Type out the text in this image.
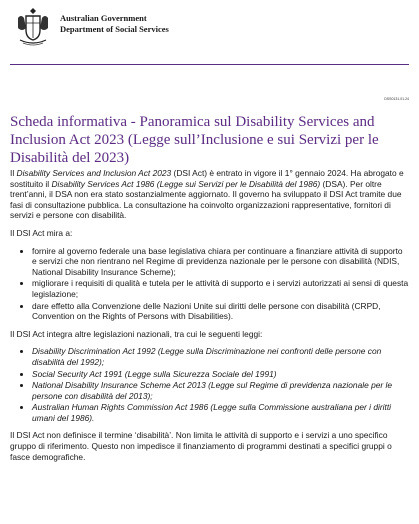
Australian Government
Department of Social Services
DSS0131.01.24
Scheda informativa - Panoramica sul Disability Services and Inclusion Act 2023 (Legge sull’Inclusione e sui Servizi per le Disabilità del 2023)

Il Disability Services and Inclusion Act 2023 (DSI Act) è entrato in vigore il 1° gennaio 2024. Ha abrogato e sostituito il Disability Services Act 1986 (Legge sui Servizi per le Disabilità del 1986) (DSA). Per oltre trent’anni, il DSA non era stato sostanzialmente aggiornato. Il governo ha sviluppato il DSI Act tramite due fasi di consultazione pubblica. La consultazione ha coinvolto organizzazioni rappresentative, fornitori di servizi e persone con disabilità.

Il DSI Act mira a:

• fornire al governo federale una base legislativa chiara per continuare a finanziare attività di supporto e servizi che non rientrano nel Regime di previdenza nazionale per le persone con disabilità (NDIS, National Disability Insurance Scheme);
• migliorare i requisiti di qualità e tutela per le attività di supporto e i servizi autorizzati ai sensi di questa legislazione;
• dare effetto alla Convenzione delle Nazioni Unite sui diritti delle persone con disabilità (CRPD, Convention on the Rights of Persons with Disabilities).

Il DSI Act integra altre legislazioni nazionali, tra cui le seguenti leggi:

• Disability Discrimination Act 1992 (Legge sulla Discriminazione nei confronti delle persone con disabilità del 1992);
• Social Security Act 1991 (Legge sulla Sicurezza Sociale del 1991)
• National Disability Insurance Scheme Act 2013 (Legge sul Regime di previdenza nazionale per le persone con disabilità del 2013);
• Australian Human Rights Commission Act 1986 (Legge sulla Commissione australiana per i diritti umani del 1986).

Il DSI Act non definisce il termine ‘disabilità’. Non limita le attività di supporto e i servizi a uno specifico gruppo di riferimento. Questo non impedisce il finanziamento di programmi destinati a specifici gruppi o fasce demografiche.
